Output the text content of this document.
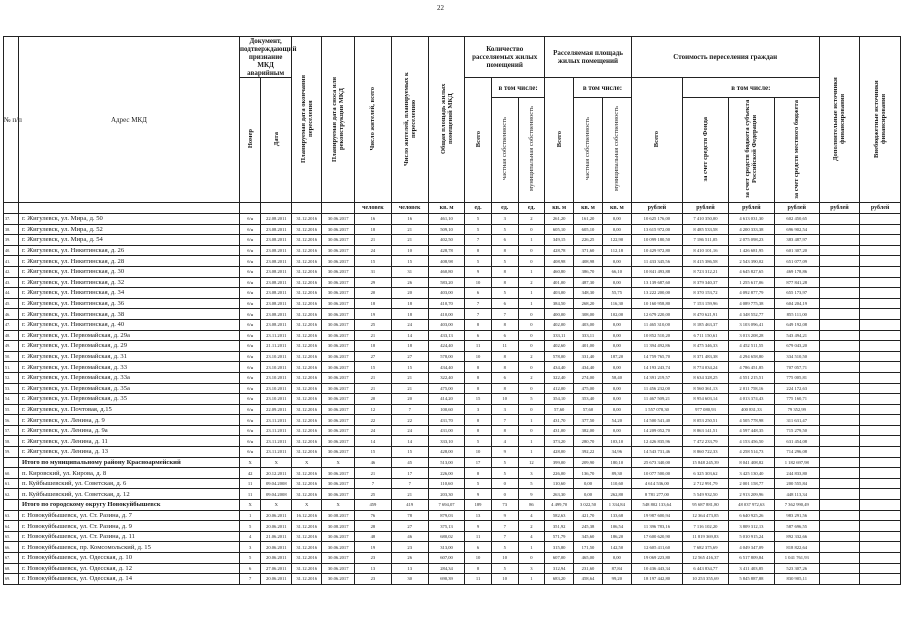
22
№ п/п	Адрес МКД	Документ, подтверждающий признание МКД аварийным		Планируемая дата окончания переселения	Планируемая дата сноса или реконструкции МКД	Число жителей, всего	Число жителей, планируемых к переселению	Общая площадь жилых помещений МКД	Количество расселяемых жилых помещений			Расселяемая площадь жилых помещений			Стоимость переселения граждан				Дополнительные источники финансирования	Внебюджетные источники финансирования
		Номер	Дата						Всего	в том числе:		Всего	в том числе:		Всего	в том числе:				
										частная собственность	муниципальная собственность		частная собственность	муниципальная собственность		за счет средств Фонда	за счет средств бюджета субъекта Российской Федерации	за счет средств местного бюджета		
						человек	человек	кв. м	ед.	ед.	ед.	кв. м	кв. м	кв. м	рублей	рублей	рублей	рублей	рублей	рублей
37.	г. Жигулевск, ул. Мира, д. 50	б/н	22.08.2011	31.12.2016	30.06.2017	16	16	461,10	5	3	2	261,20	161,20	0,00	10 625 176,00	7 410 350,00	4 613 031,30	602 450,65		
38.	г. Жигулевск, ул. Мира, д. 52	б/н	23.08.2011	31.12.2016	30.06.2017	18	21	509,10	5	5	0	605,10	605,10	0,00	13 615 972,00	8 485 533,58	4 200 333,38	696 902,54		
39.	г. Жигулевск, ул. Мира, д. 54	б/н	23.08.2011	31.12.2016	30.06.2017	21	21	402,50	7	6	1	349,15	226,25	122,90	10 099 180,50	7 186 511,05	2 075 098,23	383 487,97		
40.	г. Жигулевск, ул. Никитинская, д. 26	б/н	23.08.2011	31.12.2016	30.06.2017	24	10	428,78	8	8	0	428,78	371,60	112,18	10 429 972,80	8 410 101,16	1 426 681,95	601 307,20		
41.	г. Жигулевск, ул. Никитинская, д. 28	б/н	23.08.2011	31.12.2016	30.06.2017	15	15	408,98	5	5	0	408,98	408,98	0,00	11 433 345,56	8 415 386,58	2 543 390,02	651 077,09		
42.	г. Жигулевск, ул. Никитинская, д. 30	б/н	23.08.2011	31.12.2016	30.06.2017	31	31	460,80	9	8	1	460,80	386,70	66,10	10 841 493,88	8 723 312,21	4 645 827,65	469 178,86		
43.	г. Жигулевск, ул. Никитинская, д. 32	б/н	23.08.2011	31.12.2016	30.06.2017	29	26	583,20	10	8	2	401,00	487,30	0,00	13 139 687,60	8 379 340,37	1 255 617,06	877 841,28		
44.	г. Жигулевск, ул. Никитинская, д. 34	б/н	23.08.2011	31.12.2016	30.06.2017	20	20	403,00	6	5	1	403,00	348,30	55,75	13 222 200,00	8 370 153,72	4 092 877,79	655 173,97		
45.	г. Жигулевск, ул. Никитинская, д. 36	б/н	23.08.2011	31.12.2016	30.06.2017	18	18	410,70	7	6	1	384,50	268,20	116,30	10 160 958,80	7 153 159,96	4 089 775,38	604 204,19		
46.	г. Жигулевск, ул. Никитинская, д. 38	б/н	23.08.2011	31.12.2016	30.06.2017	19	18	410,00	7	7	0	400,00	308,00	102,00	12 679 220,00	8 470 621,91	4 348 552,77	855 111,00		
47.	г. Жигулевск, ул. Никитинская, д. 40	б/н	23.08.2011	31.12.2016	30.06.2017	25	24	403,00	8	8	0	402,00	403,00	0,00	11 465 310,00	8 185 463,37	3 103 096,41	649 192,08		
48.	г. Жигулевск, ул. Первомайская, д. 29а	б/н	23.11.2011	31.12.2016	30.06.2017	21	14	433,13	6	6	0	333,11	333,11	0,00	10 852 510,20	6 711 150,61	3 013 208,28	543 494,21		
49.	г. Жигулевск, ул. Первомайская, д. 29	б/н	21.11.2011	31.12.2016	30.06.2017	18	18	424,40	11	11	0	402,60	401,00	0,00	11 394 492,86	8 475 346,33	4 452 511,55	679 043,20		
50.	г. Жигулевск, ул. Первомайская, д. 31	б/н	23.10.2011	31.12.2016	30.06.2017	27	27	578,00	10	8	2	578,00	331,40	187,20	14 759 765,70	8 371 483,38	4 294 658,80	334 510,50		
51.	г. Жигулевск, ул. Первомайская, д. 33	б/н	23.10.2011	31.12.2016	30.06.2017	15	15	434,40	8	8	0	434,40	434,40	0,00	14 193 243,74	8 774 034,24	4 786 451,85	707 057,71		
52.	г. Жигулевск, ул. Первомайская, д. 33а	б/н	23.10.2011	31.12.2016	30.06.2017	21	21	322,40	8	6	2	322,40	274,00	58,40	14 391 219,57	8 634 328,25	4 551 215,51	775 005,81		
53.	г. Жигулевск, ул. Первомайская, д. 35а	б/н	23.10.2011	31.12.2016	30.06.2017	21	21	475,00	8	8	0	412,00	475,00	0,00	11 456 232,00	8 560 361,13	2 011 758,16	224 172,63		
54.	г. Жигулевск, ул. Первомайская, д. 35	б/н	23.10.2011	31.12.2016	30.06.2017	20	20	414,20	15	10	5	354,10	353,40	0,00	11 467 509,21	8 954 603,14	4 013 374,43	775 160,71		
55.	г. Жигулевск, ул. Почтовая, д.15	б/н	22.09.2011	31.12.2016	30.06.2017	12	7	100,60	3	3	0	57,60	57,60	0,00	1 557 078,30	977 080,93	400 831,33	79 352,99		
56.	г. Жигулевск, ул. Ленина, д. 9	б/н	23.11.2011	31.12.2016	30.06.2017	22	22	431,70	8	7	1	431,70	377,50	54,20	14 500 541,40	8 053 250,51	4 505 778,98	311 631,47		
57.	г. Жигулевск, ул. Ленина, д. 9а	б/н	23.11.2011	31.12.2016	30.06.2017	24	24	431,00	8	8	0	431,00	382,00	0,00	14 209 052,70	8 863 141,51	4 597 448,35	715 279,50		
58.	г. Жигулевск, ул. Ленина, д. 11	б/н	23.11.2011	31.12.2016	30.06.2017	14	14	333,10	5	4	1	373,20	280,70	103,10	12 426 835,96	7 472 233,79	4 153 456,50	631 454,08		
59.	г. Жигулевск, ул. Ленина, д. 13	б/н	23.11.2011	31.12.2016	30.06.2017	15	15	428,00	10	9	1	428,00	392,22	34,96	14 543 731,46	8 860 722,33	4 258 514,73	714 296,08		
	Итого по муниципальному району Красноармейский	X	X	X	X	46	45	513,00	17	5	12	399,00	209,90	180,10	25 673 340,00	15 848 245,39	8 041 408,82	1 182 697,98		
60.	п. Кировский, ул. Кирова, д. 8	42	20.12.2011	31.12.2016	30.06.2017	21	17	226,00	8	5	3	226,00	136,70	89,30	10 077 500,00	6 325 303,62	3 425 130,40	244 833,80		
61.	п. Куйбышевский, ул. Советская, д. 6	11	09.04.2008	31.12.2016	30.06.2017	7	7	110,60	5	0	5	110,60	0,00	110,60	4 614 536,00	2 712 991,79	2 001 158,77	200 555,84		
62.	п. Куйбышевский, ул. Советская, д. 12	11	09.04.2008	31.12.2016	30.06.2017	25	21	203,30	9	0	9	263,30	0,00	262,80	8 781 277,00	5 549 932,50	2 913 209,96	448 113,34		
	Итого по городскому округу Новокуйбышевск	X	X	X	X	459	419	7 694,07	189	73	86	4 499,70	3 022,50	1 334,84	548 802 133,64	95 687 881,80	48 037 972,63	7 362 990,49		
63.	г. Новокуйбышевск, ул. Ст. Разина, д. 7	1	20.06.2011	16.12.2016	30.08.2017	76	78	879,03	13	9	4	582,63	421,70	133,68	19 987 600,94	12 364 473,85	6 640 925,26	983 291,56		
64.	г. Новокуйбышевск, ул. Ст. Разина, д. 9	5	20.06.2011	31.12.2016	30.08.2017	28	27	375,13	9	7	2	351,92	245,38	106,54	11 396 783,16	7 116 102,20	3 809 312,13	587 696,55		
65.	г. Новокуйбышевск, ул. Ст. Разина, д. 11	4	21.06.2011	31.12.2016	30.06.2017	48	46	680,02	11	7	4	571,79	345,60	186,20	17 600 620,90	11 819 369,83	5 010 915,24	892 332,66		
66.	г. Новокуйбышевск, пр. Комсомольский, д. 15	3	20.06.2011	31.12.2016	30.06.2017	19	23	313,00	6	5	1	315,80	171,50	142,50	12 605 411,60	7 682 375,69	4 049 347,09	818 822,64		
67.	г. Новокуйбышевск, ул. Одесская, д. 10	5	20.06.2011	31.12.2016	30.06.2017	23	26	607,00	10	10	0	607,00	465,00	0,00	19 069 223,80	12 565 416,37	6 517 809,84	1 041 761,93		
68.	г. Новокуйбышевск, ул. Одесская, д. 12	6	27.06.2011	31.12.2016	30.06.2017	13	13	284,34	8	5	3	312,94	231,60	87,84	10 436 443,34	6 443 834,77	3 411 403,85	523 307,26		
69.	г. Новокуйбышевск, ул. Одесская, д. 14	7	20.06.2011	31.12.2016	30.06.2017	23	30	690,39	11	10	1	683,20	458,64	99,20	18 197 442,80	10 253 355,69	5 845 887,88	830 905,11		
